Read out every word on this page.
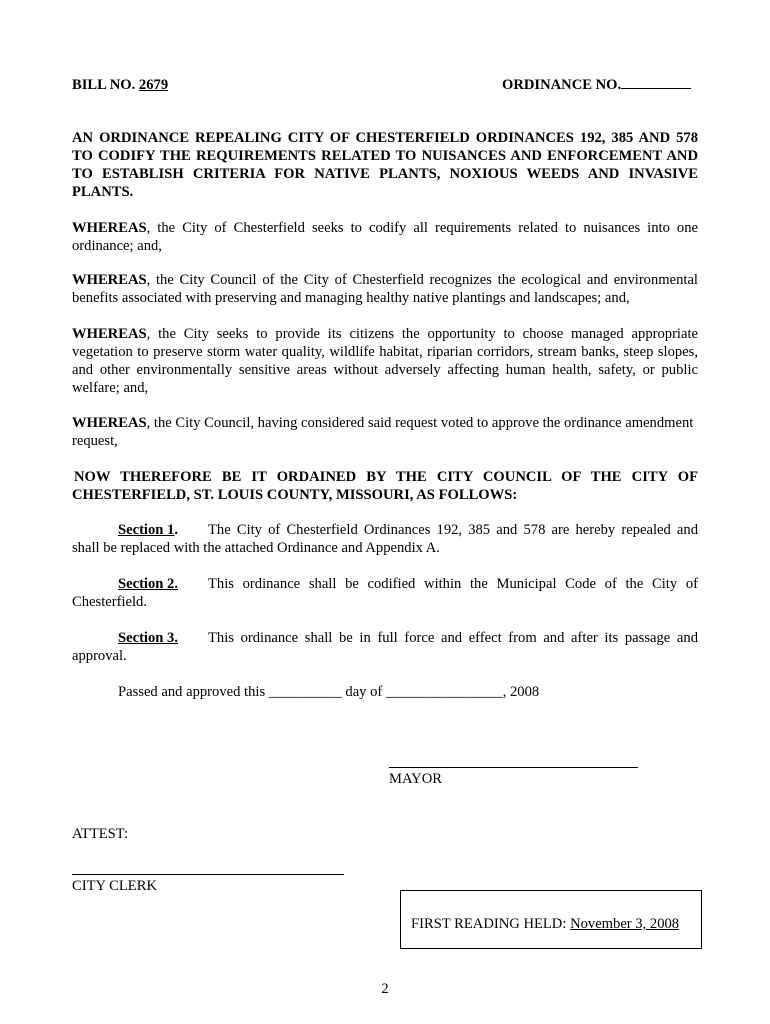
BILL NO. 2679	ORDINANCE NO.

AN ORDINANCE REPEALING CITY OF CHESTERFIELD ORDINANCES 192, 385 AND 578 TO CODIFY THE REQUIREMENTS RELATED TO NUISANCES AND ENFORCEMENT AND TO ESTABLISH CRITERIA FOR NATIVE PLANTS, NOXIOUS WEEDS AND INVASIVE PLANTS.

WHEREAS, the City of Chesterfield seeks to codify all requirements related to nuisances into one ordinance; and,

WHEREAS, the City Council of the City of Chesterfield recognizes the ecological and environmental benefits associated with preserving and managing healthy native plantings and landscapes; and,

WHEREAS, the City seeks to provide its citizens the opportunity to choose managed appropriate vegetation to preserve storm water quality, wildlife habitat, riparian corridors, stream banks, steep slopes, and other environmentally sensitive areas without adversely affecting human health, safety, or public welfare; and,

WHEREAS, the City Council, having considered said request voted to approve the ordinance amendment request,

NOW THEREFORE BE IT ORDAINED BY THE CITY COUNCIL OF THE CITY OF CHESTERFIELD, ST. LOUIS COUNTY, MISSOURI, AS FOLLOWS:

Section 1. The City of Chesterfield Ordinances 192, 385 and 578 are hereby repealed and shall be replaced with the attached Ordinance and Appendix A.

Section 2. This ordinance shall be codified within the Municipal Code of the City of Chesterfield.

Section 3. This ordinance shall be in full force and effect from and after its passage and approval.

Passed and approved this __________ day of ________________, 2008
MAYOR
ATTEST:
CITY CLERK
FIRST READING HELD: November 3, 2008
2
